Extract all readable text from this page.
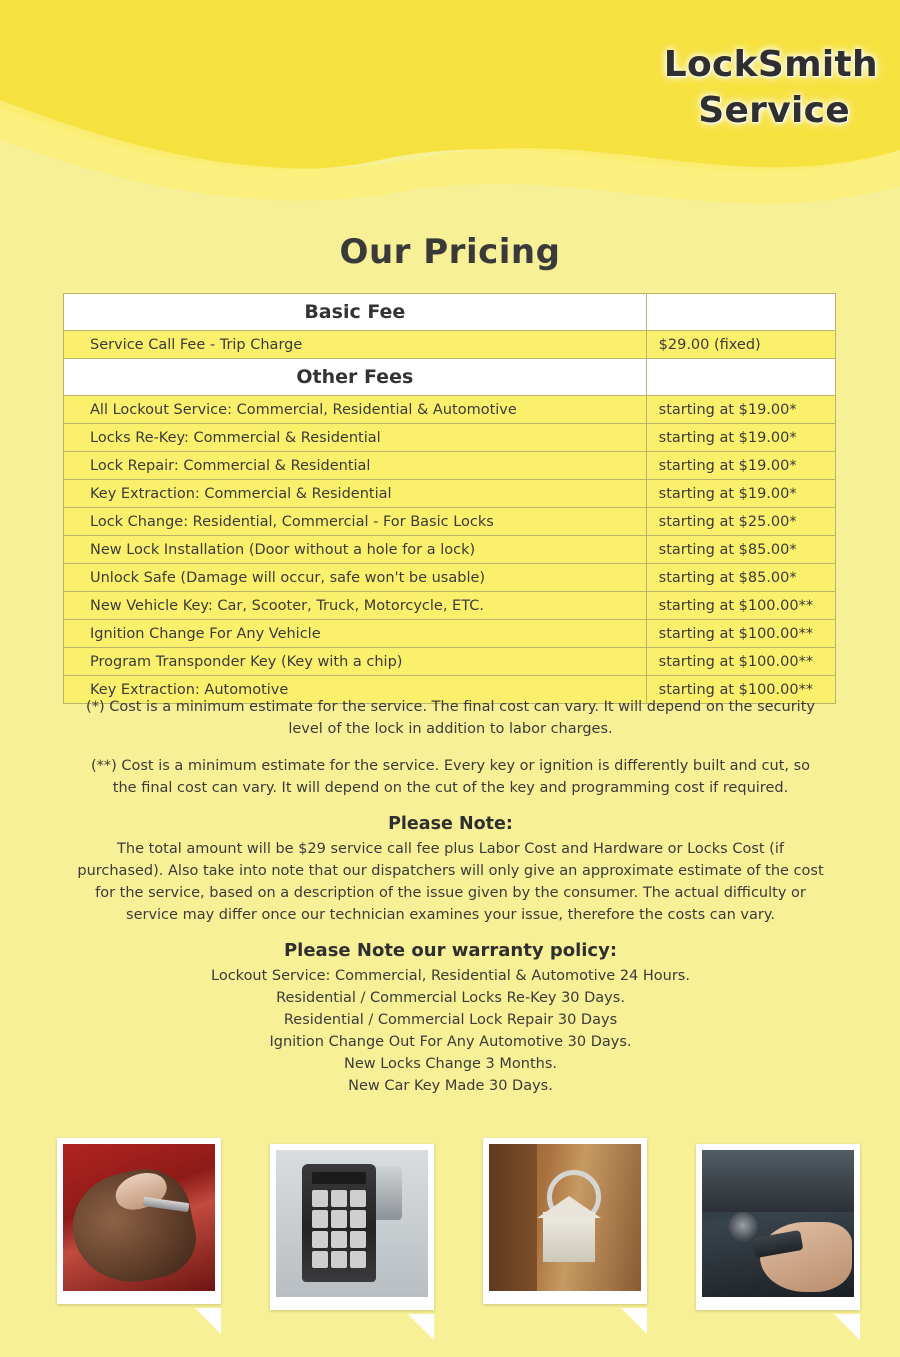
LockSmith
Service
Our Pricing
Basic Fee	
Service Call Fee - Trip Charge	$29.00 (fixed)
Other Fees	
All Lockout Service: Commercial, Residential & Automotive	starting at $19.00*
Locks Re-Key: Commercial & Residential	starting at $19.00*
Lock Repair: Commercial & Residential	starting at $19.00*
Key Extraction: Commercial & Residential	starting at $19.00*
Lock Change: Residential, Commercial - For Basic Locks	starting at $25.00*
New Lock Installation (Door without a hole for a lock)	starting at $85.00*
Unlock Safe (Damage will occur, safe won't be usable)	starting at $85.00*
New Vehicle Key: Car, Scooter, Truck, Motorcycle, ETC.	starting at $100.00**
Ignition Change For Any Vehicle	starting at $100.00**
Program Transponder Key (Key with a chip)	starting at $100.00**
Key Extraction: Automotive	starting at $100.00**

(*) Cost is a minimum estimate for the service. The final cost can vary. It will depend on the security level of the lock in addition to labor charges.

(**) Cost is a minimum estimate for the service. Every key or ignition is differently built and cut, so the final cost can vary. It will depend on the cut of the key and programming cost if required.

Please Note:

The total amount will be $29 service call fee plus Labor Cost and Hardware or Locks Cost (if purchased). Also take into note that our dispatchers will only give an approximate estimate of the cost for the service, based on a description of the issue given by the consumer. The actual difficulty or service may differ once our technician examines your issue, therefore the costs can vary.

Please Note our warranty policy:
Lockout Service: Commercial, Residential & Automotive 24 Hours.
Residential / Commercial Locks Re-Key 30 Days.
Residential / Commercial Lock Repair 30 Days
Ignition Change Out For Any Automotive 30 Days.
New Locks Change 3 Months.
New Car Key Made 30 Days.
